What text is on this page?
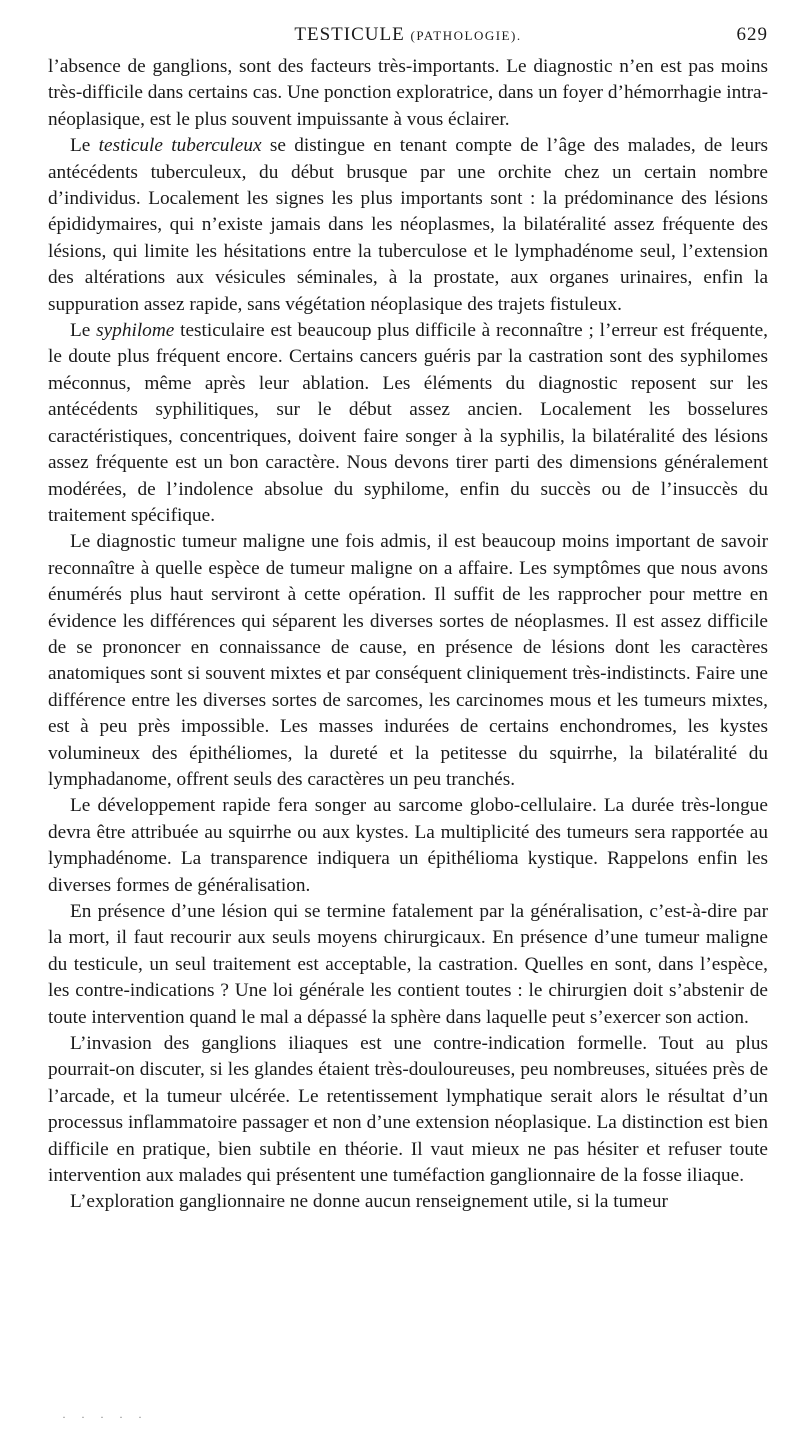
TESTICULE (PATHOLOGIE).	629

l’absence de ganglions, sont des facteurs très-importants. Le diagnostic n’en est pas moins très-difficile dans certains cas. Une ponction exploratrice, dans un foyer d’hémorrhagie intra-néoplasique, est le plus souvent impuissante à vous éclairer.

Le testicule tuberculeux se distingue en tenant compte de l’âge des malades, de leurs antécédents tuberculeux, du début brusque par une orchite chez un certain nombre d’individus. Localement les signes les plus importants sont : la prédominance des lésions épididymaires, qui n’existe jamais dans les néoplasmes, la bilatéralité assez fréquente des lésions, qui limite les hésitations entre la tuberculose et le lymphadénome seul, l’extension des altérations aux vésicules séminales, à la prostate, aux organes urinaires, enfin la suppuration assez rapide, sans végétation néoplasique des trajets fistuleux.

Le syphilome testiculaire est beaucoup plus difficile à reconnaître ; l’erreur est fréquente, le doute plus fréquent encore. Certains cancers guéris par la castration sont des syphilomes méconnus, même après leur ablation. Les éléments du diagnostic reposent sur les antécédents syphilitiques, sur le début assez ancien. Localement les bosselures caractéristiques, concentriques, doivent faire songer à la syphilis, la bilatéralité des lésions assez fréquente est un bon caractère. Nous devons tirer parti des dimensions généralement modérées, de l’indolence absolue du syphilome, enfin du succès ou de l’insuccès du traitement spécifique.

Le diagnostic tumeur maligne une fois admis, il est beaucoup moins important de savoir reconnaître à quelle espèce de tumeur maligne on a affaire. Les symptômes que nous avons énumérés plus haut serviront à cette opération. Il suffit de les rapprocher pour mettre en évidence les différences qui séparent les diverses sortes de néoplasmes. Il est assez difficile de se prononcer en connaissance de cause, en présence de lésions dont les caractères anatomiques sont si souvent mixtes et par conséquent cliniquement très-indistincts. Faire une différence entre les diverses sortes de sarcomes, les carcinomes mous et les tumeurs mixtes, est à peu près impossible. Les masses indurées de certains enchondromes, les kystes volumineux des épithéliomes, la dureté et la petitesse du squirrhe, la bilatéralité du lymphadanome, offrent seuls des caractères un peu tranchés.

Le développement rapide fera songer au sarcome globo-cellulaire. La durée très-longue devra être attribuée au squirrhe ou aux kystes. La multiplicité des tumeurs sera rapportée au lymphadénome. La transparence indiquera un épithélioma kystique. Rappelons enfin les diverses formes de généralisation.

En présence d’une lésion qui se termine fatalement par la généralisation, c’est-à-dire par la mort, il faut recourir aux seuls moyens chirurgicaux. En présence d’une tumeur maligne du testicule, un seul traitement est acceptable, la castration. Quelles en sont, dans l’espèce, les contre-indications ? Une loi générale les contient toutes : le chirurgien doit s’abstenir de toute intervention quand le mal a dépassé la sphère dans laquelle peut s’exercer son action.

L’invasion des ganglions iliaques est une contre-indication formelle. Tout au plus pourrait-on discuter, si les glandes étaient très-douloureuses, peu nombreuses, situées près de l’arcade, et la tumeur ulcérée. Le retentissement lymphatique serait alors le résultat d’un processus inflammatoire passager et non d’une extension néoplasique. La distinction est bien difficile en pratique, bien subtile en théorie. Il vaut mieux ne pas hésiter et refuser toute intervention aux malades qui présentent une tuméfaction ganglionnaire de la fosse iliaque.

L’exploration ganglionnaire ne donne aucun renseignement utile, si la tumeur

· · · · ·
